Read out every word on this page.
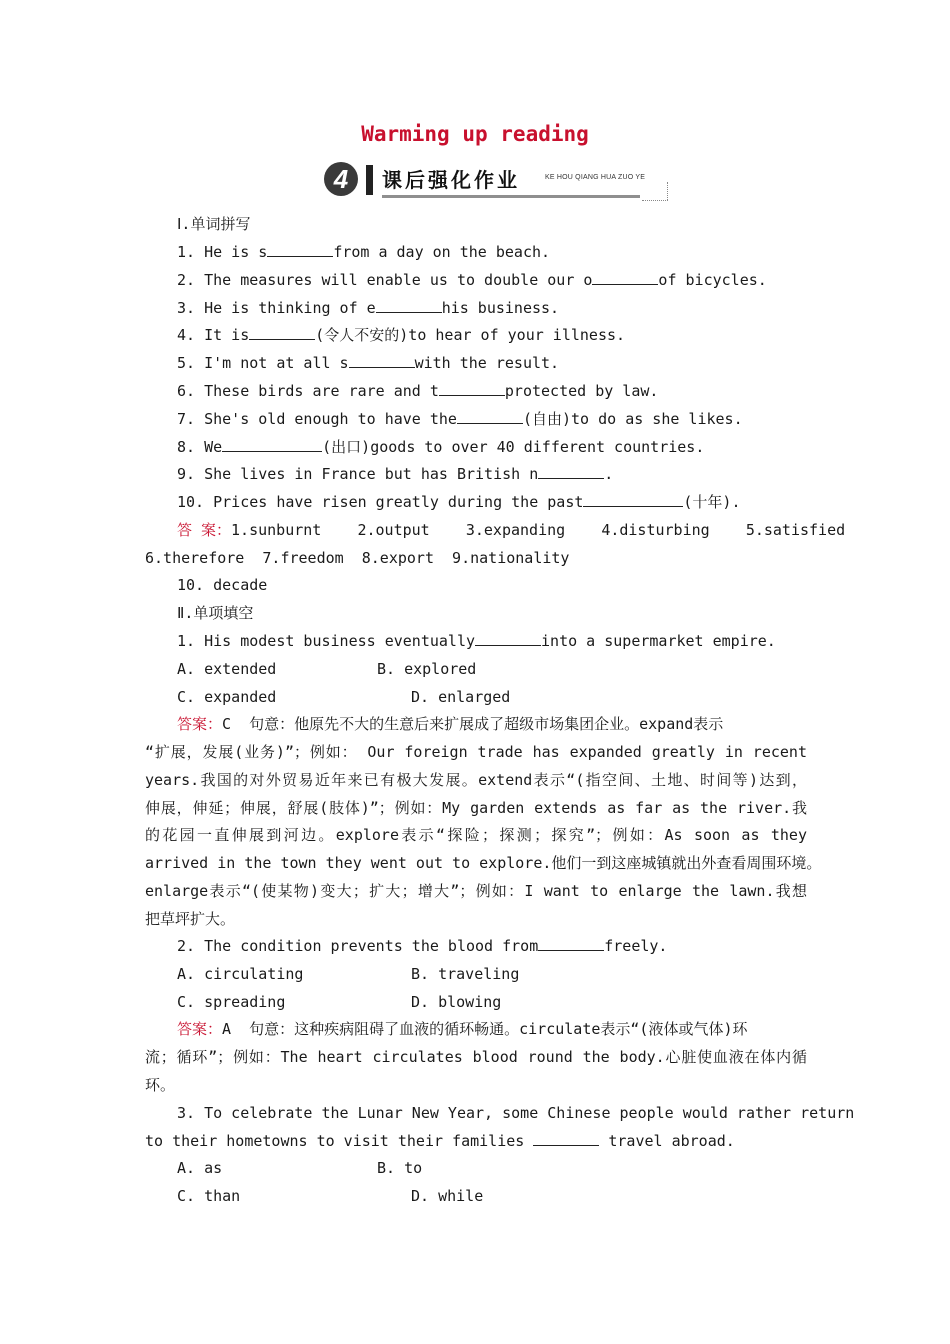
Warming up reading
4	课后强化作业	KE HOU QIANG HUA ZUO YE
Ⅰ.单词拼写
1. He is s	from a day on the beach.
2. The measures will enable us to double our o	of bicycles.
3. He is thinking of e	his business.
4. It is	(令人不安的)to hear of your illness.
5. I'm not at all s	with the result.
6. These birds are rare and t	protected by law.
7. She's old enough to have the	(自由)to do as she likes.
8. We	(出口)goods to over 40 different countries.
9. She lives in France but has British n	.
10. Prices have risen greatly during the past	(十年).
答 案：1.sunburnt 2.output 3.expanding 4.disturbing 5.satisfied
6.therefore  7.freedom  8.export  9.nationality
10. decade
Ⅱ.单项填空
1. His modest business eventually	into a supermarket empire.
A. extended	B. explored
C. expanded	D. enlarged
答案：C  句意：他原先不大的生意后来扩展成了超级市场集团企业。expand表示
“扩展，发展(业务)”；例如： Our foreign trade has expanded greatly in recent
years.我国的对外贸易近年来已有极大发展。extend表示“(指空间、土地、时间等)达到，
伸展，伸延；伸展，舒展(肢体)”；例如：My garden extends as far as the river.我
的花园一直伸展到河边。explore表示“探险；探测；探究”；例如：As soon as they
arrived in the town they went out to explore.他们一到这座城镇就出外查看周围环境。
enlarge表示“(使某物)变大；扩大；增大”；例如：I want to enlarge the lawn.我想
把草坪扩大。
2. The condition prevents the blood from	freely.
A. circulating	B. traveling
C. spreading	D. blowing
答案：A  句意：这种疾病阻碍了血液的循环畅通。circulate表示“(液体或气体)环
流；循环”；例如：The heart circulates blood round the body.心脏使血液在体内循
环。
3. To celebrate the Lunar New Year, some Chinese people would rather return
to their hometowns to visit their families	travel abroad.
A. as	B. to
C. than	D. while
